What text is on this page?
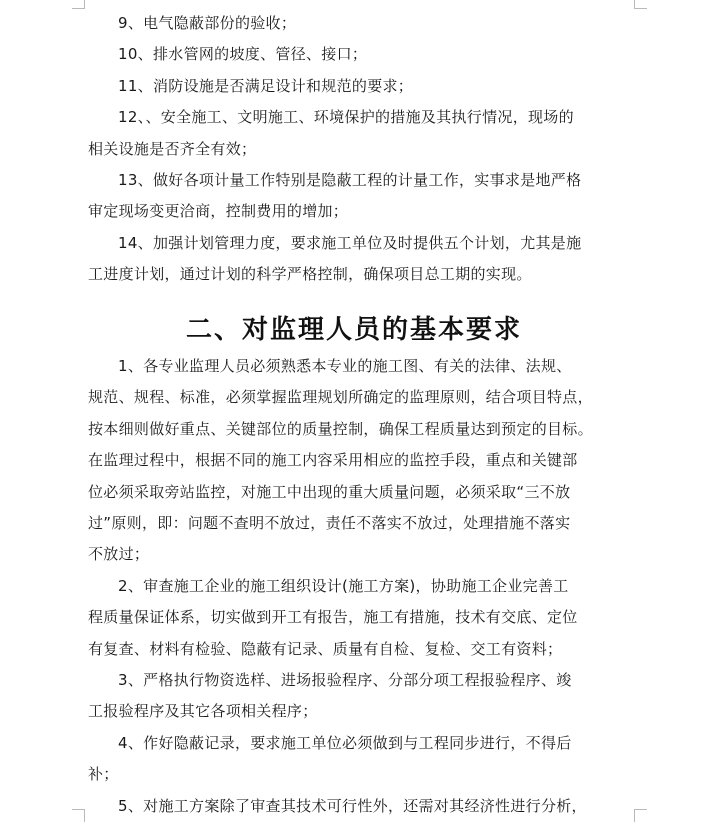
9、电气隐蔽部份的验收；

10、排水管网的坡度、管径、接口；

11、消防设施是否满足设计和规范的要求；

12、、安全施工、文明施工、环境保护的措施及其执行情况，现场的

相关设施是否齐全有效；

13、做好各项计量工作特别是隐蔽工程的计量工作，实事求是地严格

审定现场变更洽商，控制费用的增加；

14、加强计划管理力度，要求施工单位及时提供五个计划，尤其是施

工进度计划，通过计划的科学严格控制，确保项目总工期的实现。

二、对监理人员的基本要求

1、各专业监理人员必须熟悉本专业的施工图、有关的法律、法规、

规范、规程、标准，必须掌握监理规划所确定的监理原则，结合项目特点，

按本细则做好重点、关键部位的质量控制，确保工程质量达到预定的目标。

在监理过程中，根据不同的施工内容采用相应的监控手段，重点和关键部

位必须采取旁站监控，对施工中出现的重大质量问题，必须采取“三不放

过”原则，即：问题不查明不放过，责任不落实不放过，处理措施不落实

不放过；

2、审查施工企业的施工组织设计(施工方案)，协助施工企业完善工

程质量保证体系，切实做到开工有报告，施工有措施，技术有交底、定位

有复查、材料有检验、隐蔽有记录、质量有自检、复检、交工有资料；

3、严格执行物资选样、进场报验程序、分部分项工程报验程序、竣

工报验程序及其它各项相关程序；

4、作好隐蔽记录，要求施工单位必须做到与工程同步进行，不得后

补；

5、对施工方案除了审查其技术可行性外，还需对其经济性进行分析，
